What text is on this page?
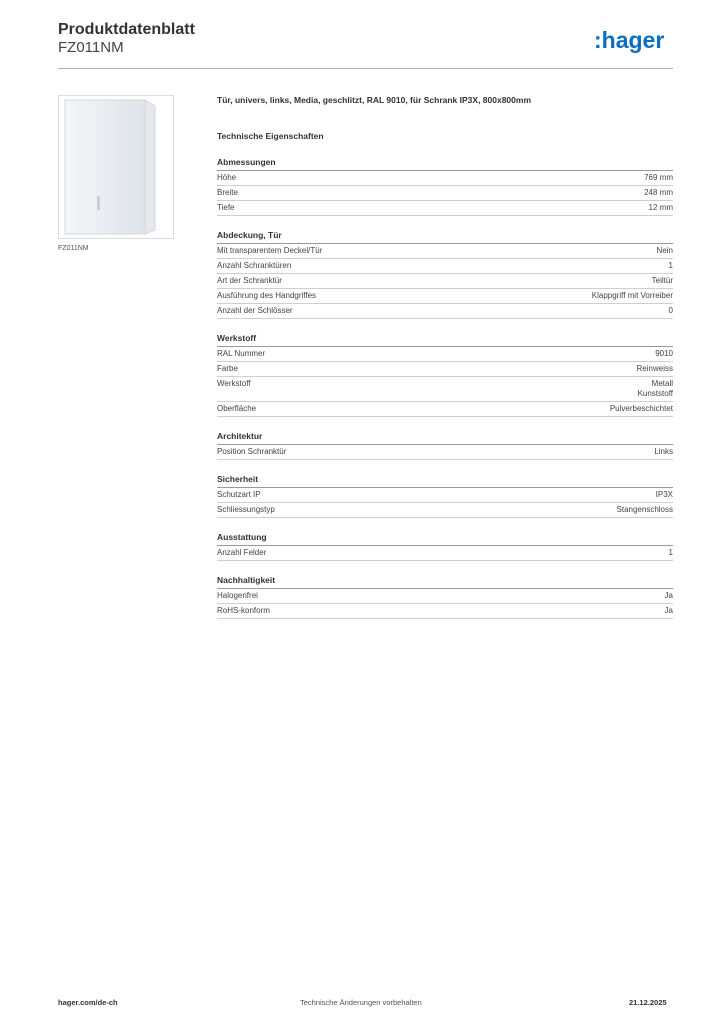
Produktdatenblatt
FZ011NM	:hager
FZ011NM
Tür, univers, links, Media, geschlitzt, RAL 9010, für Schrank IP3X, 800x800mm
Technische Eigenschaften
Abmessungen
Höhe	769 mm
Breite	248 mm
Tiefe	12 mm
Abdeckung, Tür
Mit transparentem Deckel/Tür	Nein
Anzahl Schranktüren	1
Art der Schranktür	Teiltür
Ausführung des Handgriffes	Klappgriff mit Vorreiber
Anzahl der Schlösser	0
Werkstoff
RAL Nummer	9010
Farbe	Reinweiss
Werkstoff	Metall
Kunststoff
Oberfläche	Pulverbeschichtet
Architektur
Position Schranktür	Links
Sicherheit
Schutzart IP	IP3X
Schliessungstyp	Stangenschloss
Ausstattung
Anzahl Felder	1
Nachhaltigkeit
Halogenfrei	Ja
RoHS-konform	Ja
hager.com/de-ch	Technische Änderungen vorbehalten	21.12.2025
